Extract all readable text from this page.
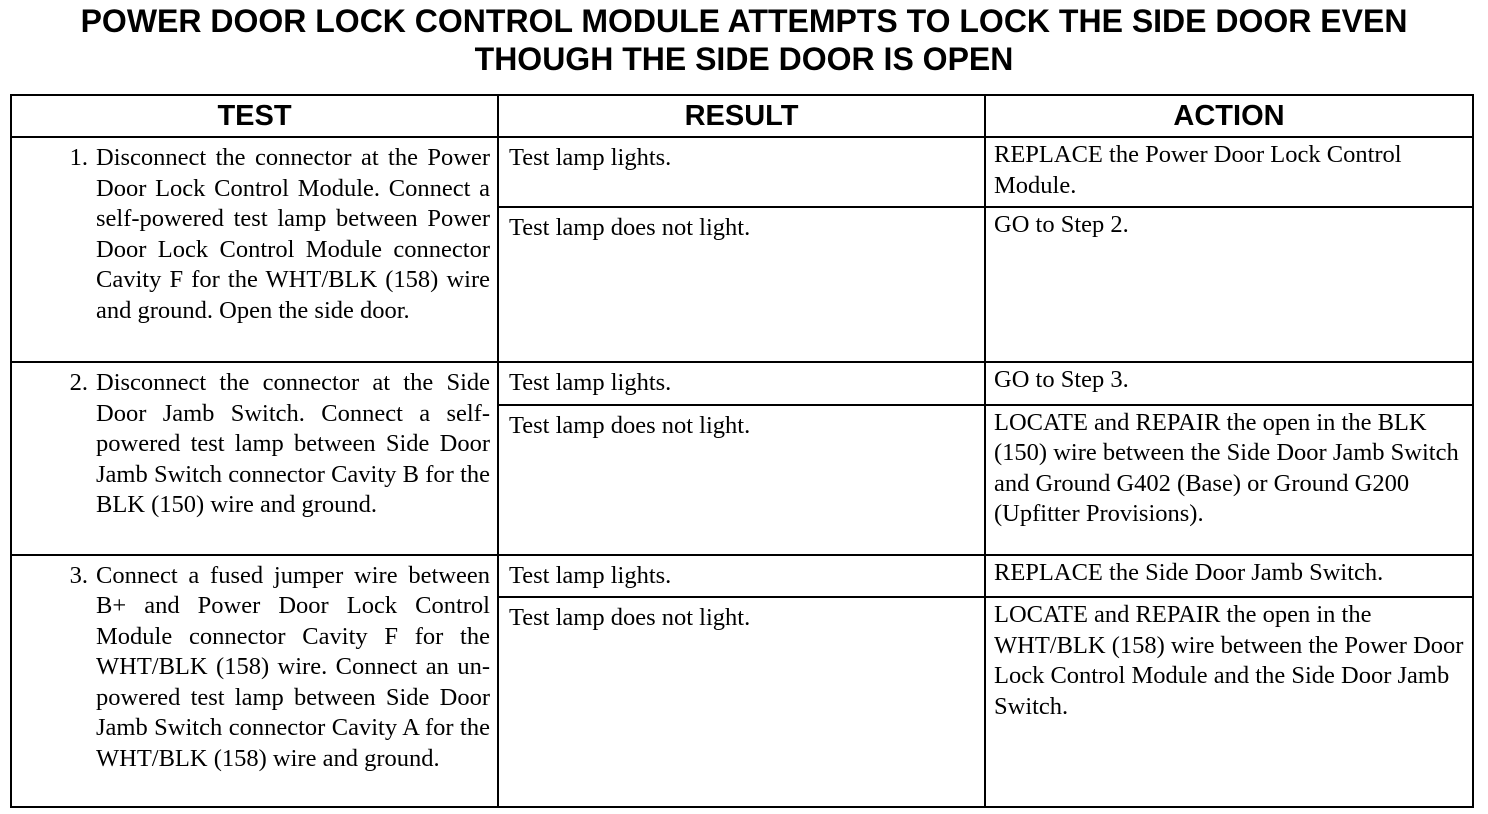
POWER DOOR LOCK CONTROL MODULE ATTEMPTS TO LOCK THE SIDE DOOR EVEN
THOUGH THE SIDE DOOR IS OPEN
TEST	RESULT	ACTION

1. Disconnect the connector at the Power Door Lock Control Module. Connect a self-powered test lamp between Power Door Lock Control Module connector Cavity F for the WHT/BLK (158) wire and ground. Open the side door.	Test lamp lights.	REPLACE the Power Door Lock Control Module.
	Test lamp does not light.	GO to Step 2.

2. Disconnect the connector at the Side Door Jamb Switch. Connect a self-powered test lamp between Side Door Jamb Switch connector Cavity B for the BLK (150) wire and ground.	Test lamp lights.	GO to Step 3.
	Test lamp does not light.	LOCATE and REPAIR the open in the BLK (150) wire between the Side Door Jamb Switch and Ground G402 (Base) or Ground G200 (Upfitter Provisions).

3. Connect a fused jumper wire between B+ and Power Door Lock Control Module connector Cavity F for the WHT/BLK (158) wire. Connect an un-powered test lamp between Side Door Jamb Switch connector Cavity A for the WHT/BLK (158) wire and ground.	Test lamp lights.	REPLACE the Side Door Jamb Switch.
	Test lamp does not light.	LOCATE and REPAIR the open in the WHT/BLK (158) wire between the Power Door Lock Control Module and the Side Door Jamb Switch.
